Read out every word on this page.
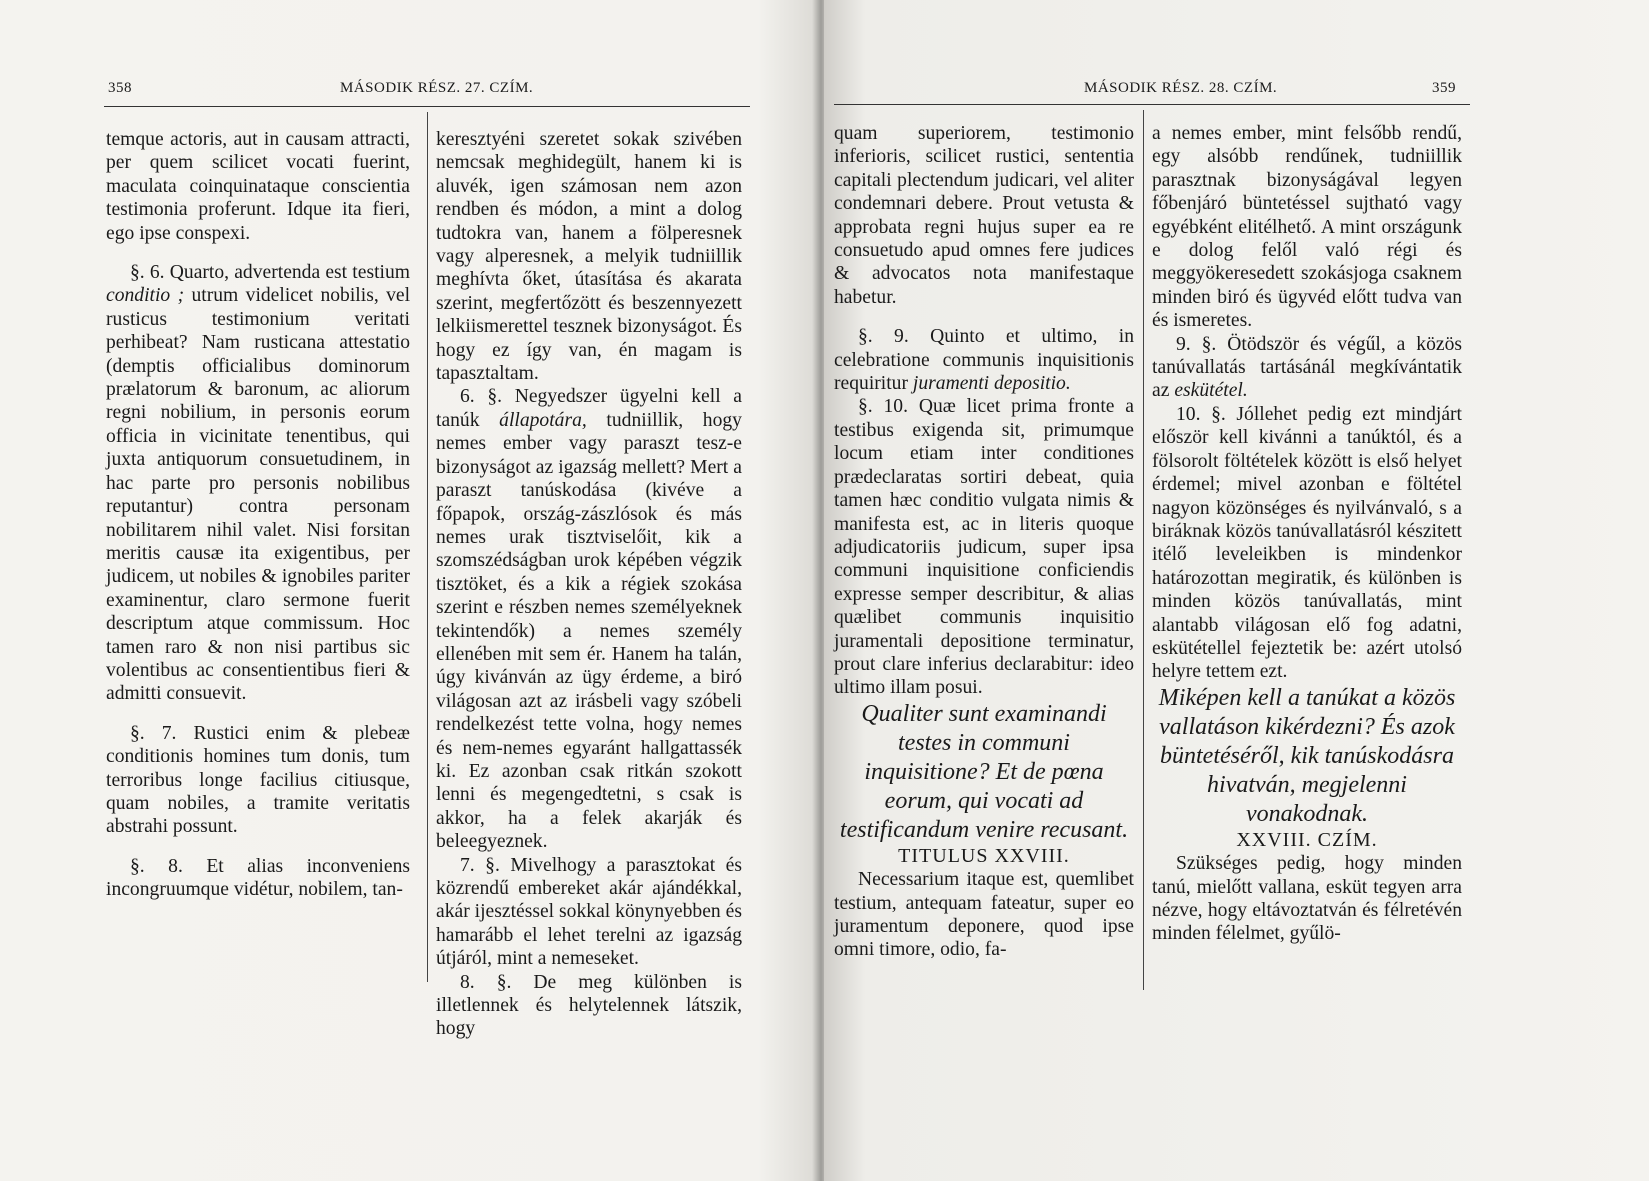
358	MÁSODIK RÉSZ. 27. CZÍM.

temque actoris, aut in causam attracti, per quem scilicet vocati fuerint, maculata coinquinataque conscientia testimonia proferunt. Idque ita fieri, ego ipse conspexi.

§. 6. Quarto, advertenda est testium conditio ; utrum videlicet nobilis, vel rusticus testimonium veritati perhibeat? Nam rusticana attestatio (demptis officialibus dominorum prælatorum & baronum, ac aliorum regni nobilium, in personis eorum officia in vicinitate tenentibus, qui juxta antiquorum consuetudinem, in hac parte pro personis nobilibus reputantur) contra personam nobilitarem nihil valet. Nisi forsitan meritis causæ ita exigentibus, per judicem, ut nobiles & ignobiles pariter examinentur, claro sermone fuerit descriptum atque commissum. Hoc tamen raro & non nisi partibus sic volentibus ac consentientibus fieri & admitti consuevit.

§. 7. Rustici enim & plebeæ conditionis homines tum donis, tum terroribus longe facilius citiusque, quam nobiles, a tramite veritatis abstrahi possunt.

§. 8. Et alias inconveniens incongruumque vidétur, nobilem, tan-

keresztyéni szeretet sokak szivében nemcsak meghidegült, hanem ki is aluvék, igen számosan nem azon rendben és módon, a mint a dolog tudtokra van, hanem a fölperesnek vagy alperesnek, a melyik tudniillik meghívta őket, útasítása és akarata szerint, megfertőzött és beszennyezett lelkiismerettel tesznek bizonyságot. És hogy ez így van, én magam is tapasztaltam.

6. §. Negyedszer ügyelni kell a tanúk állapotára, tudniillik, hogy nemes ember vagy paraszt tesz-e bizonyságot az igazság mellett? Mert a paraszt tanúskodása (kivéve a főpapok, ország-zászlósok és más nemes urak tisztviselőit, kik a szomszédságban urok képében végzik tisztöket, és a kik a régiek szokása szerint e részben nemes személyeknek tekintendők) a nemes személy ellenében mit sem ér. Hanem ha talán, úgy kivánván az ügy érdeme, a biró világosan azt az irásbeli vagy szóbeli rendelkezést tette volna, hogy nemes és nem-nemes egyaránt hallgattassék ki. Ez azonban csak ritkán szokott lenni és megengedtetni, s csak is akkor, ha a felek akarják és beleegyeznek.

7. §. Mivelhogy a parasztokat és közrendű embereket akár ajándékkal, akár ijesztéssel sokkal könynyebben és hamarább el lehet terelni az igazság útjáról, mint a nemeseket.

8. §. De meg különben is illetlennek és helytelennek látszik, hogy

MÁSODIK RÉSZ. 28. CZÍM.	359

quam superiorem, testimonio inferioris, scilicet rustici, sententia capitali plectendum judicari, vel aliter condemnari debere. Prout vetusta & approbata regni hujus super ea re consuetudo apud omnes fere judices & advocatos nota manifestaque habetur.

§. 9. Quinto et ultimo, in celebratione communis inquisitionis requiritur juramenti depositio.

§. 10. Quæ licet prima fronte a testibus exigenda sit, primumque locum etiam inter conditiones prædeclaratas sortiri debeat, quia tamen hæc conditio vulgata nimis & manifesta est, ac in literis quoque adjudicatoriis judicum, super ipsa communi inquisitione conficiendis expresse semper describitur, & alias quælibet communis inquisitio juramentali depositione terminatur, prout clare inferius declarabitur: ideo ultimo illam posui.

Qualiter sunt examinandi testes in communi inquisitione? Et de pœna eorum, qui vocati ad testificandum venire recusant.

TITULUS XXVIII.

Necessarium itaque est, quemlibet testium, antequam fateatur, super eo juramentum deponere, quod ipse omni timore, odio, fa-

a nemes ember, mint felsőbb rendű, egy alsóbb rendűnek, tudniillik parasztnak bizonyságával legyen főbenjáró büntetéssel sujtható vagy egyébként elitélhető. A mint országunk e dolog felől való régi és meggyökeresedett szokásjoga csaknem minden biró és ügyvéd előtt tudva van és ismeretes.

9. §. Ötödször és végűl, a közös tanúvallatás tartásánál megkívántatik az eskütétel.

10. §. Jóllehet pedig ezt mindjárt először kell kivánni a tanúktól, és a fölsorolt föltételek között is első helyet érdemel; mivel azonban e föltétel nagyon közönséges és nyilvánvaló, s a biráknak közös tanúvallatásról készitett itélő leveleikben is mindenkor határozottan megiratik, és különben is minden közös tanúvallatás, mint alantabb világosan elő fog adatni, eskütétellel fejeztetik be: azért utolsó helyre tettem ezt.

Miképen kell a tanúkat a közös vallatáson kikérdezni? És azok büntetéséről, kik tanúskodásra hivatván, megjelenni vonakodnak.

XXVIII. CZÍM.

Szükséges pedig, hogy minden tanú, mielőtt vallana, esküt tegyen arra nézve, hogy eltávoztatván és félretévén minden félelmet, gyűlö-
